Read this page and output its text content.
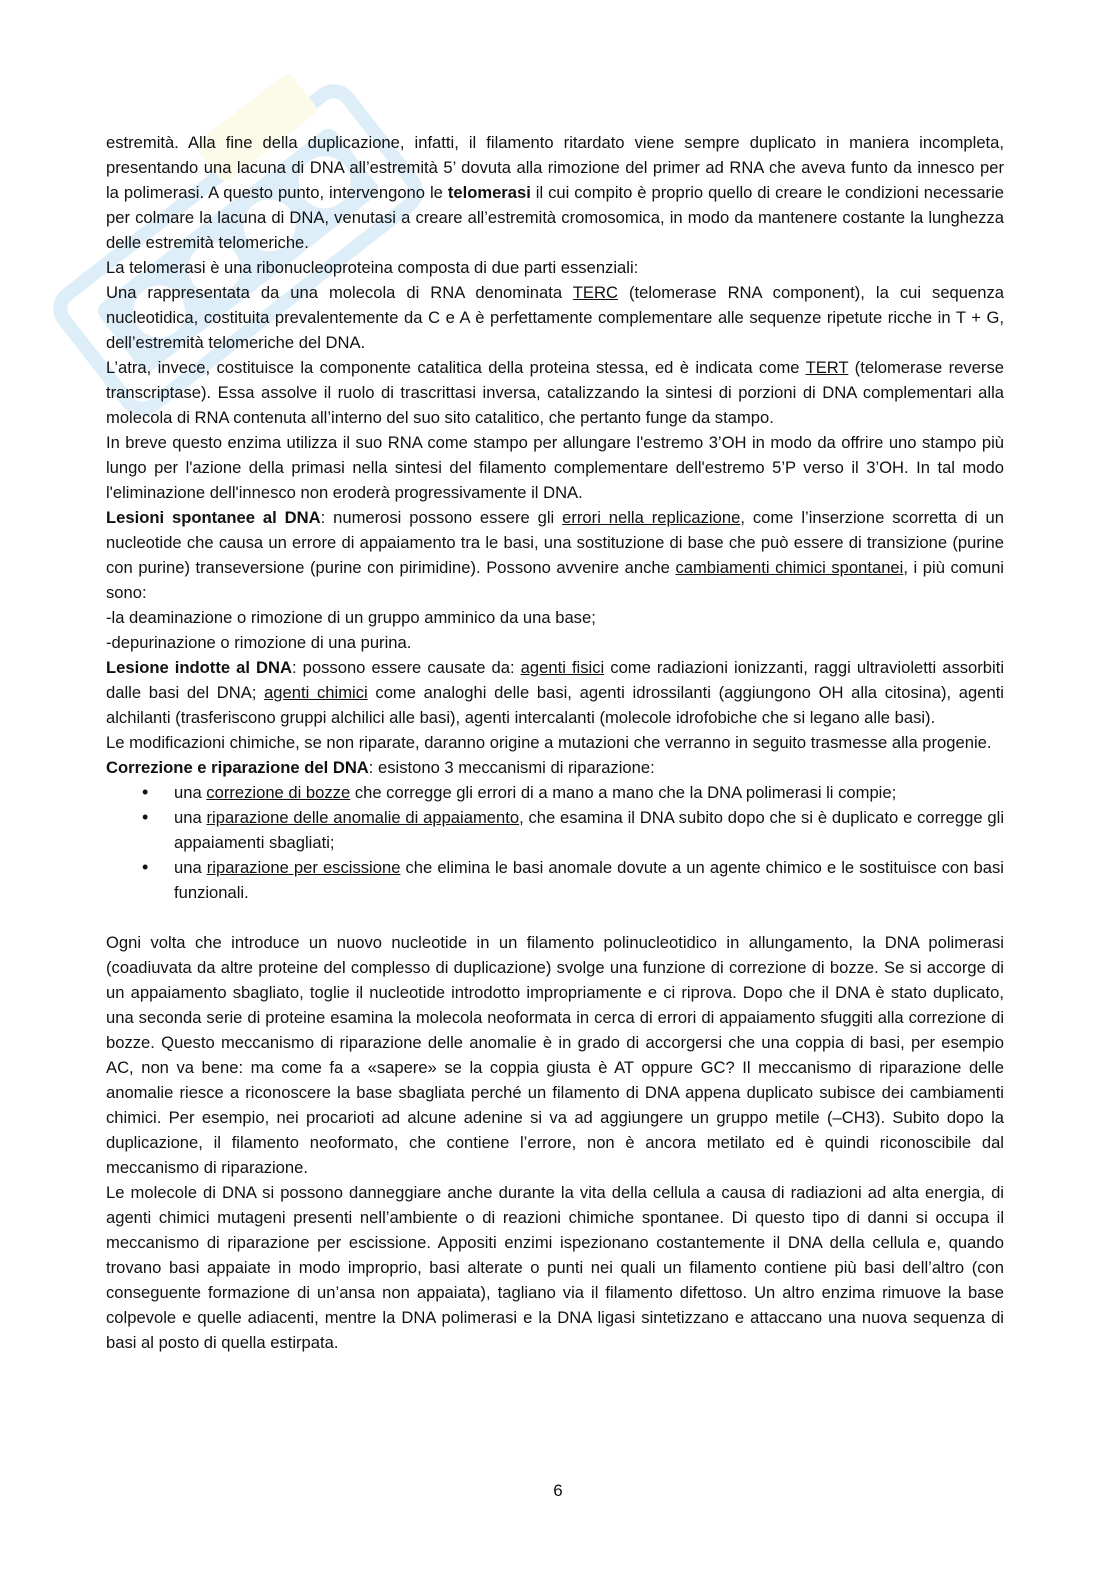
estremità. Alla fine della duplicazione, infatti, il filamento ritardato viene sempre duplicato in maniera incompleta, presentando una lacuna di DNA all’estremità 5’ dovuta alla rimozione del primer ad RNA che aveva funto da innesco per la polimerasi. A questo punto, intervengono le telomerasi il cui compito è proprio quello di creare le condizioni necessarie per colmare la lacuna di DNA, venutasi a creare all’estremità cromosomica, in modo da mantenere costante la lunghezza delle estremità telomeriche.

La telomerasi è una ribonucleoproteina composta di due parti essenziali:

Una rappresentata da una molecola di RNA denominata TERC (telomerase RNA component), la cui sequenza nucleotidica, costituita prevalentemente da C e A è perfettamente complementare alle sequenze ripetute ricche in T + G, dell’estremità telomeriche del DNA.

L’atra, invece, costituisce la componente catalitica della proteina stessa, ed è indicata come TERT (telomerase reverse transcriptase). Essa assolve il ruolo di trascrittasi inversa, catalizzando la sintesi di porzioni di DNA complementari alla molecola di RNA contenuta all’interno del suo sito catalitico, che pertanto funge da stampo.

In breve questo enzima utilizza il suo RNA come stampo per allungare l'estremo 3’OH in modo da offrire uno stampo più lungo per l'azione della primasi nella sintesi del filamento complementare dell'estremo 5’P verso il 3’OH. In tal modo l'eliminazione dell'innesco non eroderà progressivamente il DNA.

Lesioni spontanee al DNA: numerosi possono essere gli errori nella replicazione, come l’inserzione scorretta di un nucleotide che causa un errore di appaiamento tra le basi, una sostituzione di base che può essere di transizione (purine con purine) transeversione (purine con pirimidine). Possono avvenire anche cambiamenti chimici spontanei, i più comuni sono:

-la deaminazione o rimozione di un gruppo amminico da una base;

-depurinazione o rimozione di una purina.

Lesione indotte al DNA: possono essere causate da: agenti fisici come radiazioni ionizzanti, raggi ultravioletti assorbiti dalle basi del DNA; agenti chimici come analoghi delle basi, agenti idrossilanti (aggiungono OH alla citosina), agenti alchilanti (trasferiscono gruppi alchilici alle basi), agenti intercalanti (molecole idrofobiche che si legano alle basi).

Le modificazioni chimiche, se non riparate, daranno origine a mutazioni che verranno in seguito trasmesse alla progenie.

Correzione e riparazione del DNA: esistono 3 meccanismi di riparazione:

• una correzione di bozze che corregge gli errori di a mano a mano che la DNA polimerasi li compie;
• una riparazione delle anomalie di appaiamento, che esamina il DNA subito dopo che si è duplicato e corregge gli appaiamenti sbagliati;
• una riparazione per escissione che elimina le basi anomale dovute a un agente chimico e le sostituisce con basi funzionali.

Ogni volta che introduce un nuovo nucleotide in un filamento polinucleotidico in allungamento, la DNA polimerasi (coadiuvata da altre proteine del complesso di duplicazione) svolge una funzione di correzione di bozze. Se si accorge di un appaiamento sbagliato, toglie il nucleotide introdotto impropriamente e ci riprova. Dopo che il DNA è stato duplicato, una seconda serie di proteine esamina la molecola neoformata in cerca di errori di appaiamento sfuggiti alla correzione di bozze. Questo meccanismo di riparazione delle anomalie è in grado di accorgersi che una coppia di basi, per esempio AC, non va bene: ma come fa a «sapere» se la coppia giusta è AT oppure GC? Il meccanismo di riparazione delle anomalie riesce a riconoscere la base sbagliata perché un filamento di DNA appena duplicato subisce dei cambiamenti chimici. Per esempio, nei procarioti ad alcune adenine si va ad aggiungere un gruppo metile (–CH3). Subito dopo la duplicazione, il filamento neoformato, che contiene l’errore, non è ancora metilato ed è quindi riconoscibile dal meccanismo di riparazione.

Le molecole di DNA si possono danneggiare anche durante la vita della cellula a causa di radiazioni ad alta energia, di agenti chimici mutageni presenti nell’ambiente o di reazioni chimiche spontanee. Di questo tipo di danni si occupa il meccanismo di riparazione per escissione. Appositi enzimi ispezionano costantemente il DNA della cellula e, quando trovano basi appaiate in modo improprio, basi alterate o punti nei quali un filamento contiene più basi dell’altro (con conseguente formazione di un’ansa non appaiata), tagliano via il filamento difettoso. Un altro enzima rimuove la base colpevole e quelle adiacenti, mentre la DNA polimerasi e la DNA ligasi sintetizzano e attaccano una nuova sequenza di basi al posto di quella estirpata.

6
